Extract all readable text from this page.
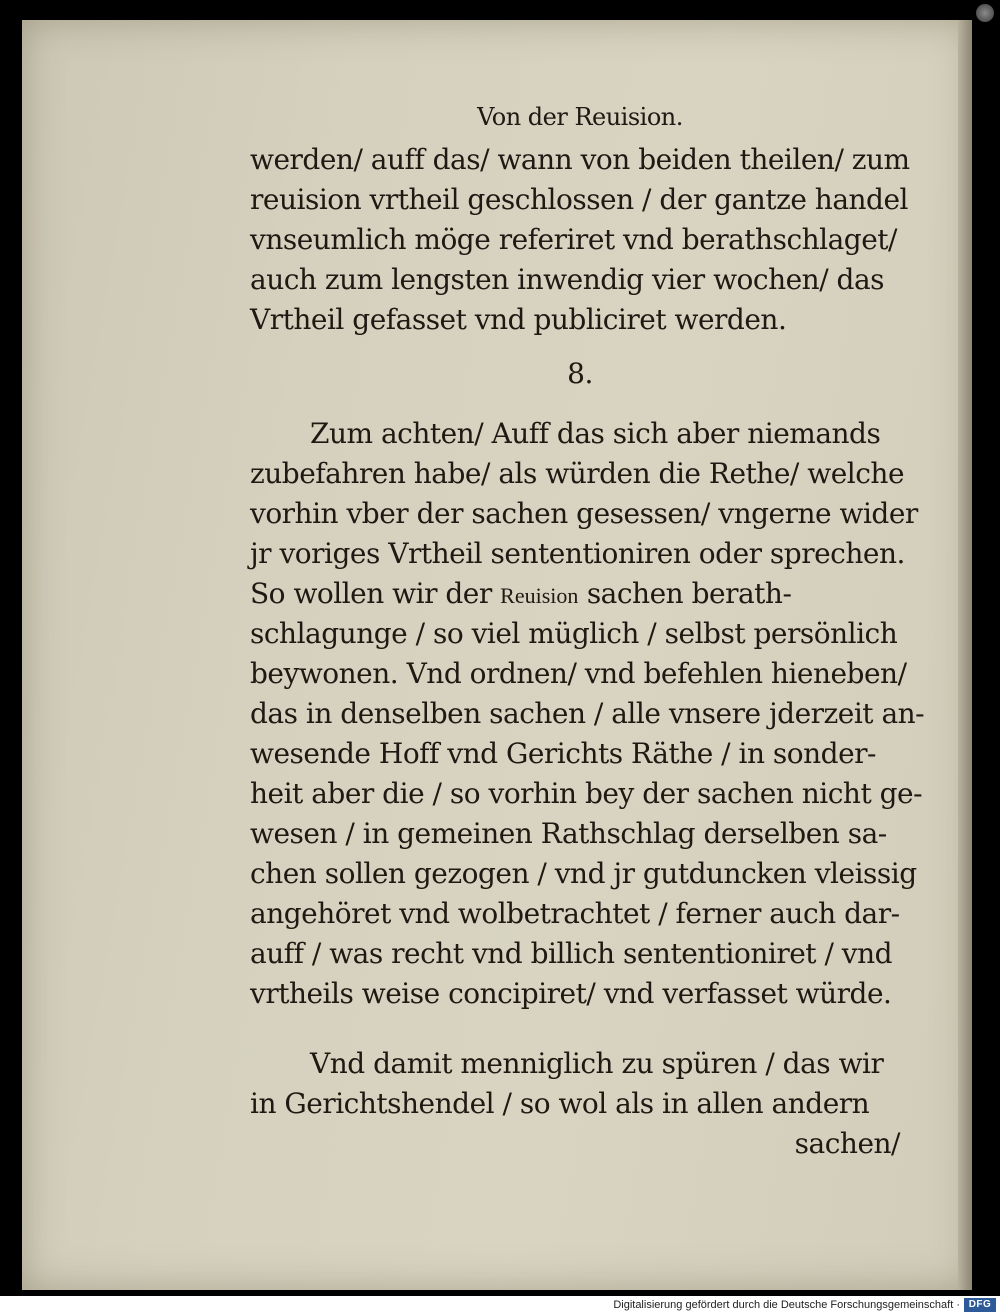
Von der Reuision.
werden/ auff das/ wann von beiden theilen/ zum
reuision vrtheil geschlossen / der gantze handel
vnseumlich möge referiret vnd berathschlaget/
auch zum lengsten inwendig vier wochen/ das
Vrtheil gefasset vnd publiciret werden.
8.
Zum achten/ Auff das sich aber niemands
zubefahren habe/ als würden die Rethe/ welche
vorhin vber der sachen gesessen/ vngerne wider
jr voriges Vrtheil sententioniren oder sprechen.
So wollen wir der Reuision sachen berath-
schlagunge / so viel müglich / selbst persönlich
beywonen. Vnd ordnen/ vnd befehlen hieneben/
das in denselben sachen / alle vnsere jderzeit an-
wesende Hoff vnd Gerichts Räthe / in sonder-
heit aber die / so vorhin bey der sachen nicht ge-
wesen / in gemeinen Rathschlag derselben sa-
chen sollen gezogen / vnd jr gutduncken vleissig
angehöret vnd wolbetrachtet / ferner auch dar-
auff / was recht vnd billich sententioniret / vnd
vrtheils weise concipiret/ vnd verfasset würde.
Vnd damit menniglich zu spüren / das wir
in Gerichtshendel / so wol als in allen andern
sachen/
Digitalisierung gefördert durch die Deutsche Forschungsgemeinschaft · DFG
